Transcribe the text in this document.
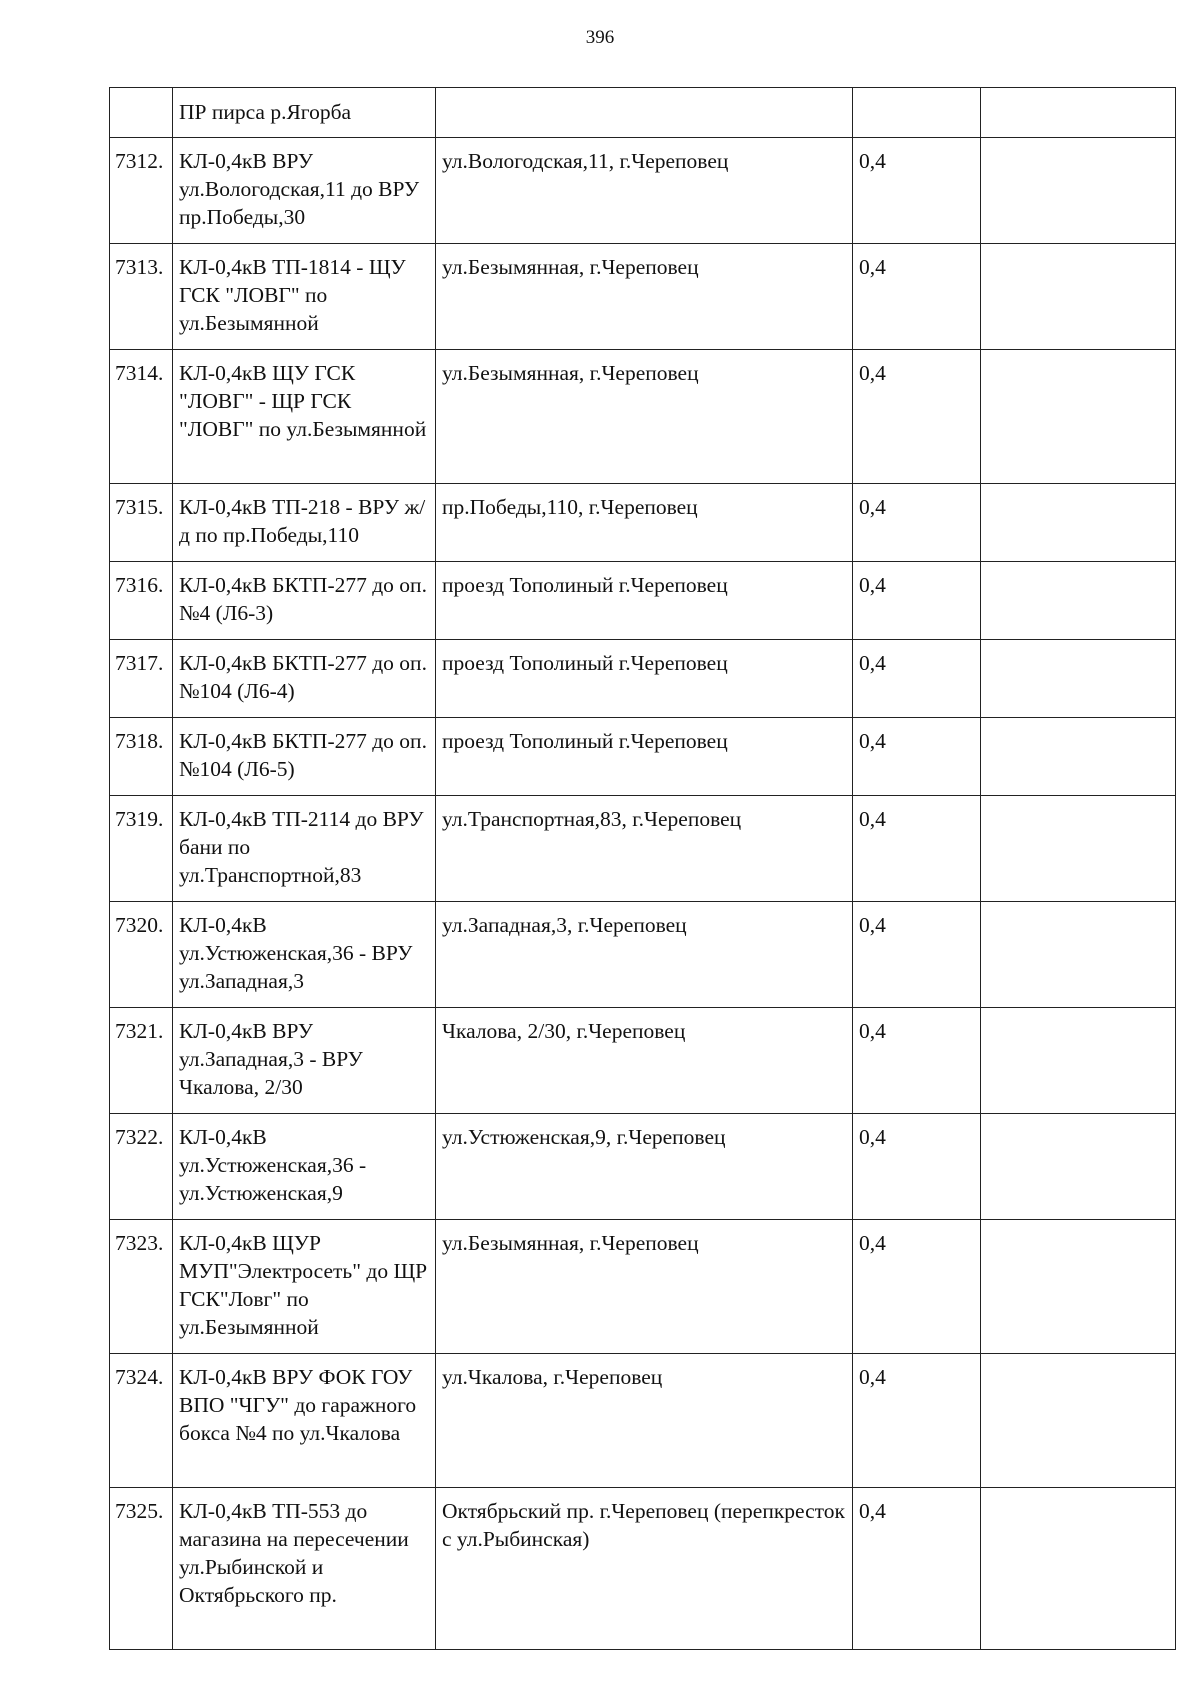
396
	ПР пирса р.Ягорба			
7312.	КЛ-0,4кВ ВРУ ул.Вологодская,11 до ВРУ пр.Победы,30	ул.Вологодская,11, г.Череповец	0,4	
7313.	КЛ-0,4кВ ТП-1814 - ЩУ ГСК "ЛОВГ" по ул.Безымянной	ул.Безымянная, г.Череповец	0,4	
7314.	КЛ-0,4кВ ЩУ ГСК "ЛОВГ" - ЩР ГСК "ЛОВГ" по ул.Безымянной	ул.Безымянная, г.Череповец	0,4	
7315.	КЛ-0,4кВ ТП-218 - ВРУ ж/д по пр.Победы,110	пр.Победы,110, г.Череповец	0,4	
7316.	КЛ-0,4кВ БКТП-277 до оп.№4 (Л6-3)	проезд Тополиный г.Череповец	0,4	
7317.	КЛ-0,4кВ БКТП-277 до оп.№104 (Л6-4)	проезд Тополиный г.Череповец	0,4	
7318.	КЛ-0,4кВ БКТП-277 до оп.№104 (Л6-5)	проезд Тополиный г.Череповец	0,4	
7319.	КЛ-0,4кВ ТП-2114 до ВРУ бани по ул.Транспортной,83	ул.Транспортная,83, г.Череповец	0,4	
7320.	КЛ-0,4кВ ул.Устюженская,36 - ВРУ ул.Западная,3	ул.Западная,3, г.Череповец	0,4	
7321.	КЛ-0,4кВ ВРУ ул.Западная,3 - ВРУ Чкалова, 2/30	Чкалова, 2/30, г.Череповец	0,4	
7322.	КЛ-0,4кВ ул.Устюженская,36 - ул.Устюженская,9	ул.Устюженская,9, г.Череповец	0,4	
7323.	КЛ-0,4кВ ЩУР МУП"Электросеть" до ЩР ГСК"Ловг" по ул.Безымянной	ул.Безымянная, г.Череповец	0,4	
7324.	КЛ-0,4кВ ВРУ ФОК ГОУ ВПО "ЧГУ" до гаражного бокса №4 по ул.Чкалова	ул.Чкалова, г.Череповец	0,4	
7325.	КЛ-0,4кВ ТП-553 до магазина на пересечении ул.Рыбинской и Октябрьского пр.	Октябрьский пр. г.Череповец (перепкресток с ул.Рыбинская)	0,4	
